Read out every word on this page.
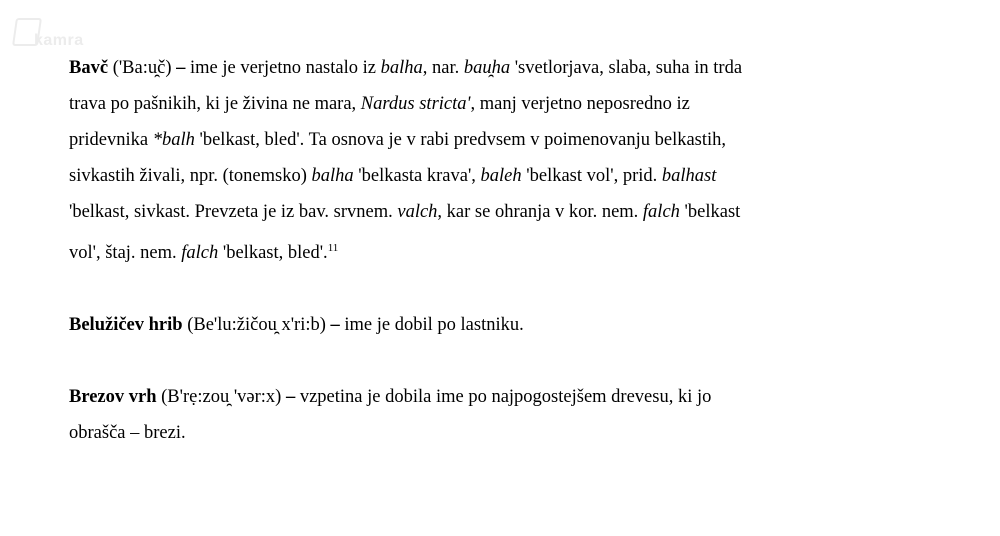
kamra

Bavč ('Ba:u̯č) – ime je verjetno nastalo iz balha, nar. bau̯ha 'svetlorjava, slaba, suha in trda

trava po pašnikih, ki je živina ne mara, Nardus stricta', manj verjetno neposredno iz

pridevnika *balh 'belkast, bled'. Ta osnova je v rabi predvsem v poimenovanju belkastih,

sivkastih živali, npr. (tonemsko) balha 'belkasta krava', baleh 'belkast vol', prid. balhast

'belkast, sivkast. Prevzeta je iz bav. srvnem. valch, kar se ohranja v kor. nem. falch 'belkast

vol', štaj. nem. falch 'belkast, bled'.$^{11}$

Belužičev hrib (Be'lu:žičou̯ x'ri:b) – ime je dobil po lastniku.

Brezov vrh (B'rẹ:zou̯ 'vər:x) – vzpetina je dobila ime po najpogostejšem drevesu, ki jo

obrašča – brezi.
